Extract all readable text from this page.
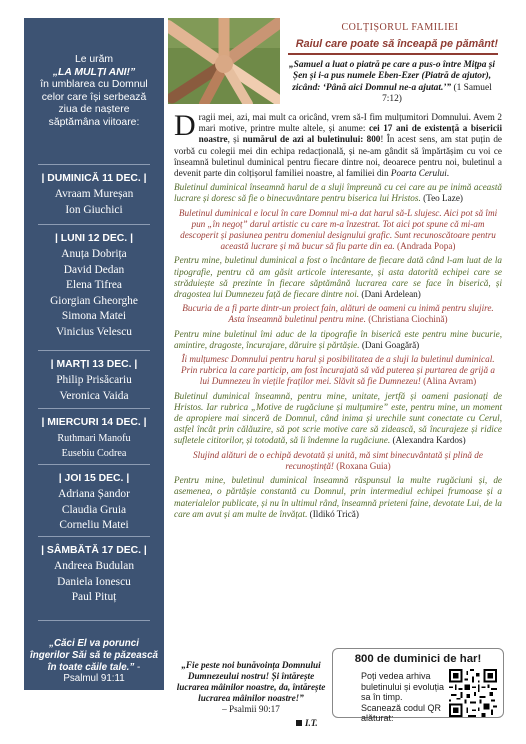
Le urăm
„LA MULȚI ANI!”
în umblarea cu Domnul
celor care își serbează
ziua de naștere
săptămâna viitoare:
| DUMINICĂ 11 DEC. |
Avraam Mureșan
Ion Giuchici
| LUNI 12 DEC. |
Anuța Dobrița
David Dedan
Elena Tifrea
Giorgian Gheorghe
Simona Matei
Vinicius Velescu
| MARȚI 13 DEC. |
Philip Prisăcariu
Veronica Vaida
| MIERCURI 14 DEC. |
Ruthmari Manofu
Eusebiu Codrea
| JOI 15 DEC. |
Adriana Șandor
Claudia Gruia
Corneliu Matei
| SÂMBĂTĂ 17 DEC. |
Andreea Budulan
Daniela Ionescu
Paul Pituț
„Căci El va porunci îngerilor Săi să te păzească în toate căile tale.” - Psalmul 91:11
COLȚIȘORUL FAMILIEI
Raiul care poate să înceapă pe pământ!
„Samuel a luat o piatră pe care a pus-o între Mițpa și Șen și i-a pus numele Eben-Ezer (Piatră de ajutor), zicând: ‘Până aici Domnul ne-a ajutat.’” (1 Samuel 7:12)

Dragii mei, azi, mai mult ca oricând, vrem să-I fim mulțumitori Domnului. Avem 2 mari motive, printre multe altele, și anume: cei 17 ani de existență a bisericii noastre, și numărul de azi al buletinului: 800! În acest sens, am stat puțin de vorbă cu colegii mei din echipa redacțională, și ne-am gândit să împărtășim cu voi ce înseamnă buletinul duminical pentru fiecare dintre noi, deoarece pentru noi, buletinul a devenit parte din colțișorul familiei noastre, al familiei din Poarta Cerului.

Buletinul duminical înseamnă harul de a sluji împreună cu cei care au pe inimă această lucrare și doresc să fie o binecuvântare pentru biserica lui Hristos. (Teo Laze)

Buletinul duminical e locul în care Domnul mi-a dat harul să-L slujesc. Aici pot să îmi pun „în negoț” darul artistic cu care m-a înzestrat. Tot aici pot spune că mi-am descoperit și pasiunea pentru domeniul designului grafic. Sunt recunoscătoare pentru această lucrare și mă bucur să fiu parte din ea. (Andrada Popa)

Pentru mine, buletinul duminical a fost o încântare de fiecare dată când l-am luat de la tipografie, pentru că am găsit articole interesante, și asta datorită echipei care se străduiește să prezinte în fiecare săptămână lucrarea care se face în biserică, și dragostea lui Dumnezeu față de fiecare dintre noi. (Dani Ardelean)

Bucuria de a fi parte dintr-un proiect fain, alături de oameni cu inimă pentru slujire. Asta înseamnă buletinul pentru mine. (Christiana Ciochină)

Pentru mine buletinul îmi aduc de la tipografie în biserică este pentru mine bucurie, amintire, dragoste, încurajare, dăruire și părtășie. (Dani Goagără)

Îi mulțumesc Domnului pentru harul și posibilitatea de a sluji la buletinul duminical. Prin rubrica la care particip, am fost încurajată să văd puterea și purtarea de grijă a lui Dumnezeu în viețile fraților mei. Slăvit să fie Dumnezeu! (Alina Avram)

Buletinul duminical înseamnă, pentru mine, unitate, jertfă și oameni pasionați de Hristos. Iar rubrica „Motive de rugăciune și mulțumire” este, pentru mine, un moment de apropiere mai sinceră de Domnul, când inima și urechile sunt conectate cu Cerul, astfel încât prin călăuzire, să pot scrie motive care să zidească, să încurajeze și ridice sufletele cititorilor, și totodată, să îi îndemne la rugăciune. (Alexandra Kardos)

Slujind alături de o echipă devotată și unită, mă simt binecuvântată și plină de recunoștință! (Roxana Guia)

Pentru mine, buletinul duminical înseamnă răspunsul la multe rugăciuni și, de asemenea, o părtășie constantă cu Domnul, prin intermediul echipei frumoase și a materialelor publicate, și nu în ultimul rând, înseamnă prieteni faine, devotate Lui, de la care am avut și am multe de învățat. (Ildikó Trică)

„Fie peste noi bunăvoința Domnului Dumnezeului nostru! Și întărește lucrarea mâinilor noastre, da, întărește lucrarea mâinilor noastre!”
– Psalmii 90:17
I.T.
800 de duminici de har!
Poți vedea arhiva buletinului și evoluția sa în timp. Scanează codul QR alăturat:
